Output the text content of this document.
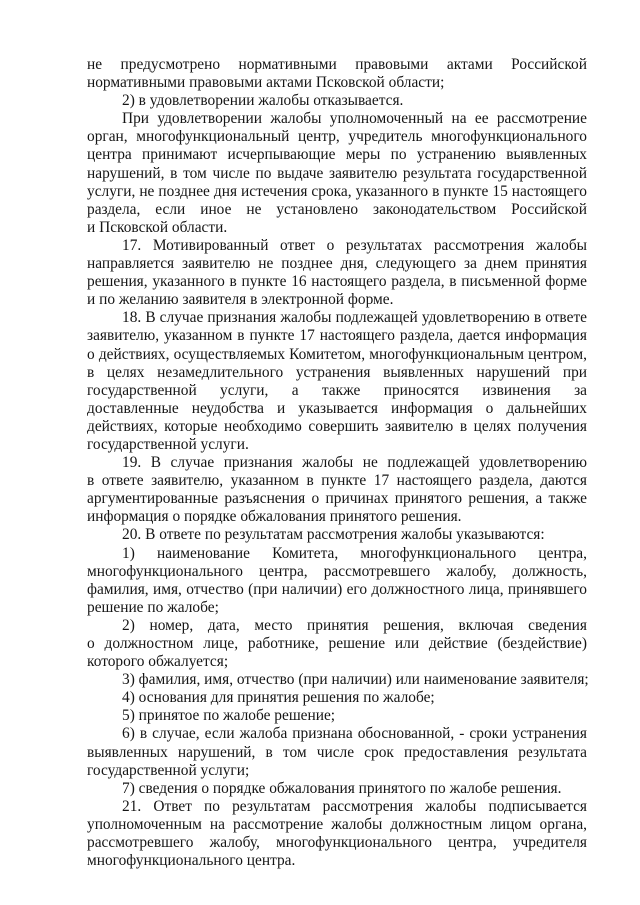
не предусмотрено нормативными правовыми актами Российской
нормативными правовыми актами Псковской области;
2) в удовлетворении жалобы отказывается.
При удовлетворении жалобы уполномоченный на ее рассмотрение
орган, многофункциональный центр, учредитель многофункционального
центра принимают исчерпывающие меры по устранению выявленных
нарушений, в том числе по выдаче заявителю результата государственной
услуги, не позднее дня истечения срока, указанного в пункте 15 настоящего
раздела, если иное не установлено законодательством Российской
и Псковской области.
17. Мотивированный ответ о результатах рассмотрения жалобы
направляется заявителю не позднее дня, следующего за днем принятия
решения, указанного в пункте 16 настоящего раздела, в письменной форме
и по желанию заявителя в электронной форме.
18. В случае признания жалобы подлежащей удовлетворению в ответе
заявителю, указанном в пункте 17 настоящего раздела, дается информация
о действиях, осуществляемых Комитетом, многофункциональным центром,
в целях незамедлительного устранения выявленных нарушений при
государственной услуги, а также приносятся извинения за
доставленные неудобства и указывается информация о дальнейших
действиях, которые необходимо совершить заявителю в целях получения
государственной услуги.
19. В случае признания жалобы не подлежащей удовлетворению
в ответе заявителю, указанном в пункте 17 настоящего раздела, даются
аргументированные разъяснения о причинах принятого решения, а также
информация о порядке обжалования принятого решения.
20. В ответе по результатам рассмотрения жалобы указываются:
1) наименование Комитета, многофункционального центра,
многофункционального центра, рассмотревшего жалобу, должность,
фамилия, имя, отчество (при наличии) его должностного лица, принявшего
решение по жалобе;
2) номер, дата, место принятия решения, включая сведения
о должностном лице, работнике, решение или действие (бездействие)
которого обжалуется;
3) фамилия, имя, отчество (при наличии) или наименование заявителя;
4) основания для принятия решения по жалобе;
5) принятое по жалобе решение;
6) в случае, если жалоба признана обоснованной, - сроки устранения
выявленных нарушений, в том числе срок предоставления результата
государственной услуги;
7) сведения о порядке обжалования принятого по жалобе решения.
21. Ответ по результатам рассмотрения жалобы подписывается
уполномоченным на рассмотрение жалобы должностным лицом органа,
рассмотревшего жалобу, многофункционального центра, учредителя
многофункционального центра.
